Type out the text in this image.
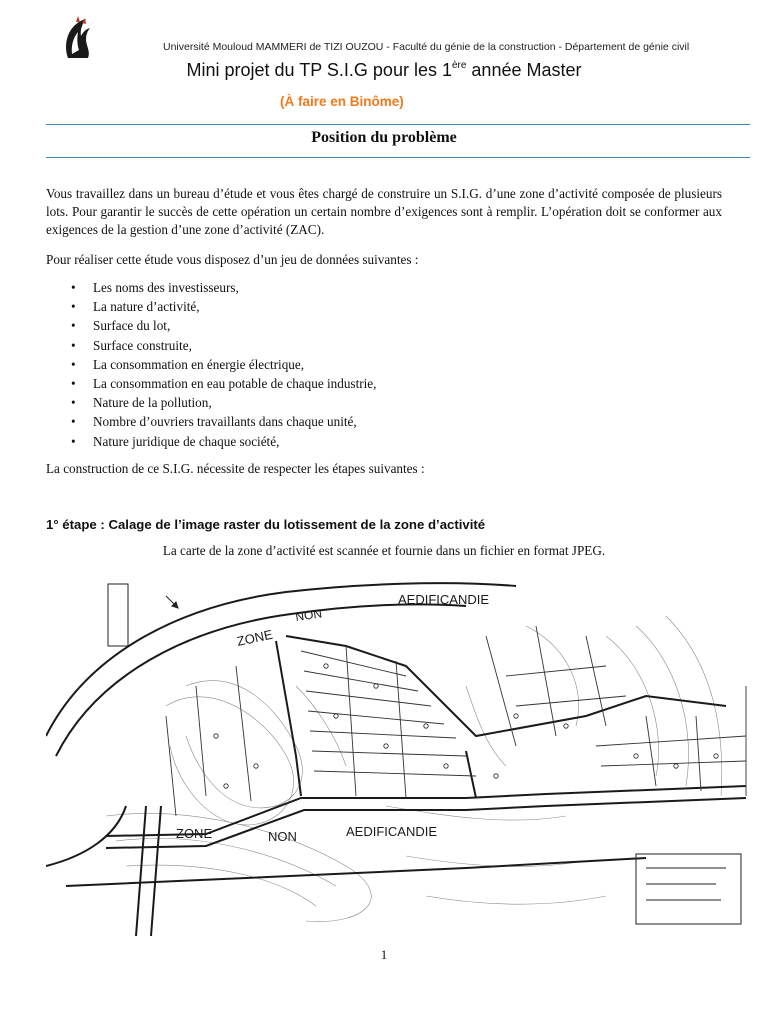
Université Mouloud MAMMERI de TIZI OUZOU - Faculté du génie de la construction - Département de génie civil
Mini projet du TP S.I.G pour les 1ère année Master
(À faire en Binôme)
Position du problème
Vous travaillez dans un bureau d’étude et vous êtes chargé de construire un S.I.G. d’une zone d’activité composée de plusieurs lots. Pour garantir le succès de cette opération un certain nombre d’exigences sont à remplir. L’opération doit se conformer aux exigences de la gestion d’une zone d’activité (ZAC).
Pour réaliser cette étude vous disposez d’un jeu de données suivantes :
• Les noms des investisseurs,
• La nature d’activité,
• Surface du lot,
• Surface construite,
• La consommation en énergie électrique,
• La consommation en eau potable de chaque industrie,
• Nature de la pollution,
• Nombre d’ouvriers travaillants dans chaque unité,
• Nature juridique de chaque société,
La construction de ce S.I.G. nécessite de respecter les étapes suivantes :
1° étape : Calage de l’image raster du lotissement de la zone d’activité
La carte de la zone d’activité est scannée et fournie dans un fichier en format JPEG.
NON
AEDIFICANDIE
ZONE
ZONE	NON	AEDIFICANDIE
1
